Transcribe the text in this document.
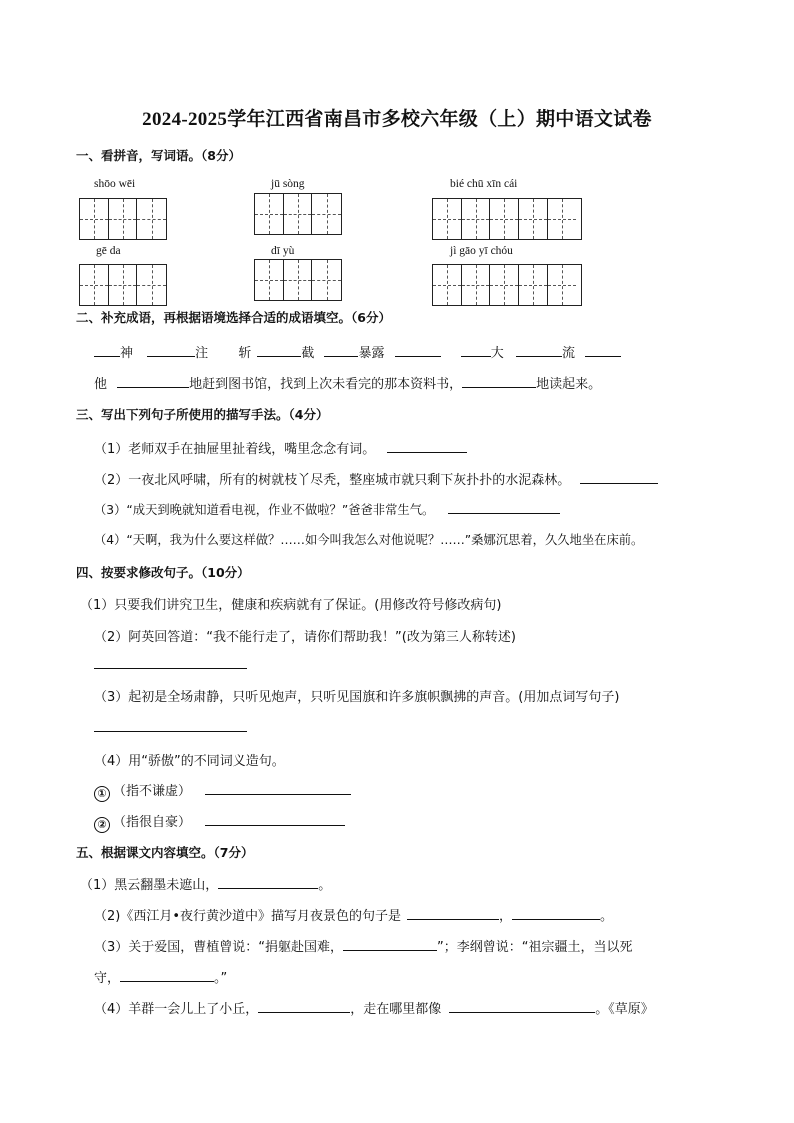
2024-2025学年江西省南昌市多校六年级（上）期中语文试卷
一、看拼音，写词语。（8分）
shōo wēi	jū sòng	bié chū xīn cái
gē da	dī yù	jì gāo yī chóu
二、补充成语，再根据语境选择合适的成语填空。（6分）
神	注 斩	截	暴露	大	流
他	地赶到图书馆，找到上次未看完的那本资料书，	地读起来。
三、写出下列句子所使用的描写手法。（4分）
（1）老师双手在抽屉里扯着线，嘴里念念有词。
（2）一夜北风呼啸，所有的树就枝丫尽秃，整座城市就只剩下灰扑扑的水泥森林。
（3）“成天到晚就知道看电视，作业不做啦？”爸爸非常生气。
（4）“天啊，我为什么要这样做？……如今叫我怎么对他说呢？……”桑娜沉思着，久久地坐在床前。
四、按要求修改句子。（10分）
（1）只要我们讲究卫生，健康和疾病就有了保证。(用修改符号修改病句)
（2）阿英回答道：“我不能行走了，请你们帮助我！”(改为第三人称转述)
（3）起初是全场肃静，只听见炮声，只听见国旗和许多旗帜飘拂的声音。(用加点词写句子)
（4）用“骄傲”的不同词义造句。
① （指不谦虚）
② （指很自豪）
五、根据课文内容填空。（7分）
（1）黑云翻墨未遮山，	。
（2)《西江月•夜行黄沙道中》描写月夜景色的句子是	，	。
（3）关于爱国，曹植曾说：“捐躯赴国难，	”；李纲曾说：“祖宗疆土，当以死
守，	。”
（4）羊群一会儿上了小丘，	，走在哪里都像	。《草原》
